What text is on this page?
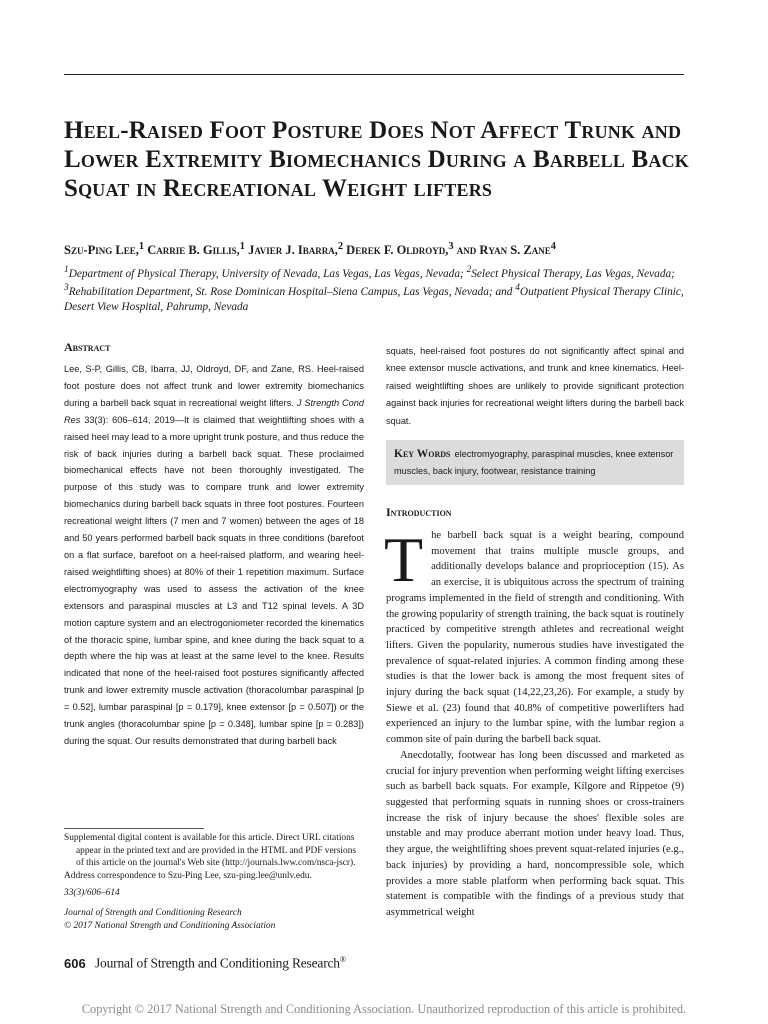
Heel-Raised Foot Posture Does Not Affect Trunk and Lower Extremity Biomechanics During a Barbell Back Squat in Recreational Weight lifters
Szu-Ping Lee,$^1$ Carrie B. Gillis,$^1$ Javier J. Ibarra,$^2$ Derek F. Oldroyd,$^3$ and Ryan S. Zane$^4$
$^1$Department of Physical Therapy, University of Nevada, Las Vegas, Las Vegas, Nevada; $^2$Select Physical Therapy, Las Vegas, Nevada; $^3$Rehabilitation Department, St. Rose Dominican Hospital–Siena Campus, Las Vegas, Nevada; and $^4$Outpatient Physical Therapy Clinic, Desert View Hospital, Pahrump, Nevada
Abstract

Lee, S-P, Gillis, CB, Ibarra, JJ, Oldroyd, DF, and Zane, RS. Heel-raised foot posture does not affect trunk and lower extremity biomechanics during a barbell back squat in recreational weight lifters. J Strength Cond Res 33(3): 606–614, 2019—It is claimed that weightlifting shoes with a raised heel may lead to a more upright trunk posture, and thus reduce the risk of back injuries during a barbell back squat. These proclaimed biomechanical effects have not been thoroughly investigated. The purpose of this study was to compare trunk and lower extremity biomechanics during barbell back squats in three foot postures. Fourteen recreational weight lifters (7 men and 7 women) between the ages of 18 and 50 years performed barbell back squats in three conditions (barefoot on a flat surface, barefoot on a heel-raised platform, and wearing heel-raised weightlifting shoes) at 80% of their 1 repetition maximum. Surface electromyography was used to assess the activation of the knee extensors and paraspinal muscles at L3 and T12 spinal levels. A 3D motion capture system and an electrogoniometer recorded the kinematics of the thoracic spine, lumbar spine, and knee during the back squat to a depth where the hip was at least at the same level to the knee. Results indicated that none of the heel-raised foot postures significantly affected trunk and lower extremity muscle activation (thoracolumbar paraspinal [p = 0.52], lumbar paraspinal [p = 0.179], knee extensor [p = 0.507]) or the trunk angles (thoracolumbar spine [p = 0.348], lumbar spine [p = 0.283]) during the squat. Our results demonstrated that during barbell back

Supplemental digital content is available for this article. Direct URL citations appear in the printed text and are provided in the HTML and PDF versions of this article on the journal's Web site (http://journals.lww.com/nsca-jscr).

Address correspondence to Szu-Ping Lee, szu-ping.lee@unlv.edu.

33(3)/606–614

Journal of Strength and Conditioning Research

© 2017 National Strength and Conditioning Association

squats, heel-raised foot postures do not significantly affect spinal and knee extensor muscle activations, and trunk and knee kinematics. Heel-raised weightlifting shoes are unlikely to provide significant protection against back injuries for recreational weight lifters during the barbell back squat.

Key Words electromyography, paraspinal muscles, knee extensor muscles, back injury, footwear, resistance training
Introduction

The barbell back squat is a weight bearing, compound movement that trains multiple muscle groups, and additionally develops balance and proprioception (15). As an exercise, it is ubiquitous across the spectrum of training programs implemented in the field of strength and conditioning. With the growing popularity of strength training, the back squat is routinely practiced by competitive strength athletes and recreational weight lifters. Given the popularity, numerous studies have investigated the prevalence of squat-related injuries. A common finding among these studies is that the lower back is among the most frequent sites of injury during the back squat (14,22,23,26). For example, a study by Siewe et al. (23) found that 40.8% of competitive powerlifters had experienced an injury to the lumbar spine, with the lumbar region a common site of pain during the barbell back squat.

Anecdotally, footwear has long been discussed and marketed as crucial for injury prevention when performing weight lifting exercises such as barbell back squats. For example, Kilgore and Rippetoe (9) suggested that performing squats in running shoes or cross-trainers increase the risk of injury because the shoes' flexible soles are unstable and may produce aberrant motion under heavy load. Thus, they argue, the weightlifting shoes prevent squat-related injuries (e.g., back injuries) by providing a hard, noncompressible sole, which provides a more stable platform when performing back squat. This statement is compatible with the findings of a previous study that asymmetrical weight

606 Journal of Strength and Conditioning Research®
Copyright © 2017 National Strength and Conditioning Association. Unauthorized reproduction of this article is prohibited.
